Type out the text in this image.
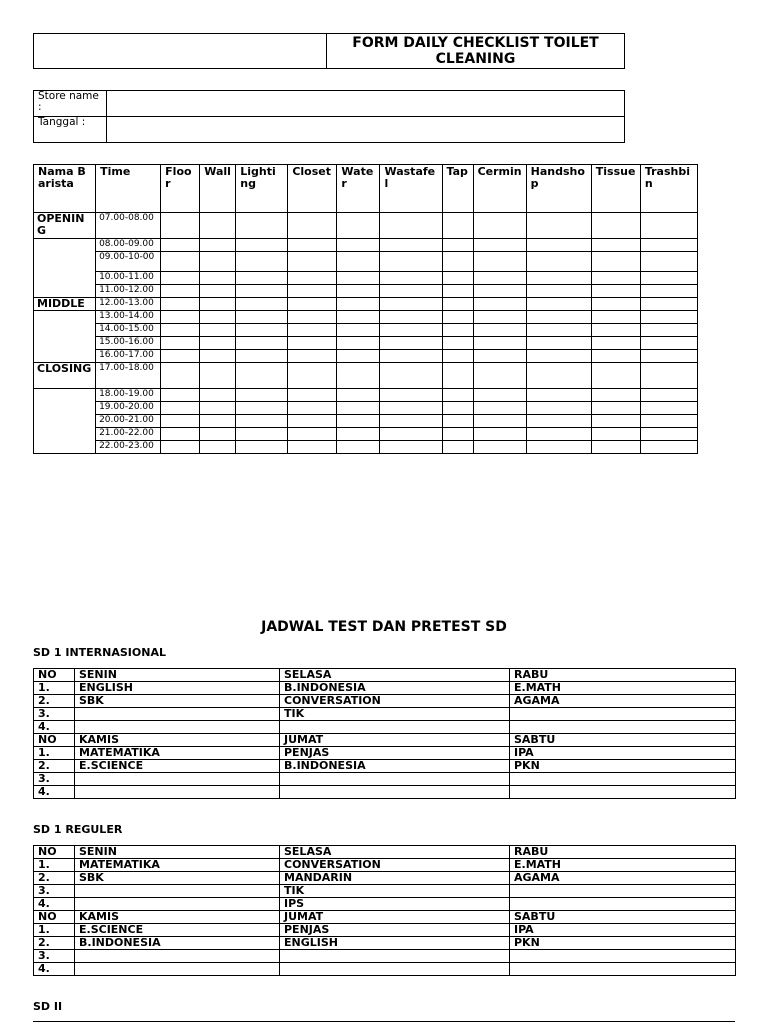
	FORM DAILY CHECKLIST TOILET CLEANING
Store name :	
Tanggal :	
Nama Barista	Time	Floor	Wall	Lighting	Closet	Water	Wastafel	Tap	Cermin	Handshop	Tissue	Trashbin
OPENING	07.00-08.00											
	08.00-09.00											
	09.00-10-00											
	10.00-11.00											
	11.00-12.00											
MIDDLE	12.00-13.00											
	13.00-14.00											
	14.00-15.00											
	15.00-16.00											
	16.00-17.00											
CLOSING	17.00-18.00											
	18.00-19.00											
	19.00-20.00											
	20.00-21.00											
	21.00-22.00											
	22.00-23.00											
JADWAL TEST DAN PRETEST SD
SD 1 INTERNASIONAL
NO	SENIN	SELASA	RABU
1.	ENGLISH	B.INDONESIA	E.MATH
2.	SBK	CONVERSATION	AGAMA
3.		TIK	
4.			
NO	KAMIS	JUMAT	SABTU
1.	MATEMATIKA	PENJAS	IPA
2.	E.SCIENCE	B.INDONESIA	PKN
3.			
4.			
SD 1 REGULER
NO	SENIN	SELASA	RABU
1.	MATEMATIKA	CONVERSATION	E.MATH
2.	SBK	MANDARIN	AGAMA
3.		TIK	
4.		IPS	
NO	KAMIS	JUMAT	SABTU
1.	E.SCIENCE	PENJAS	IPA
2.	B.INDONESIA	ENGLISH	PKN
3.			
4.			
SD II
